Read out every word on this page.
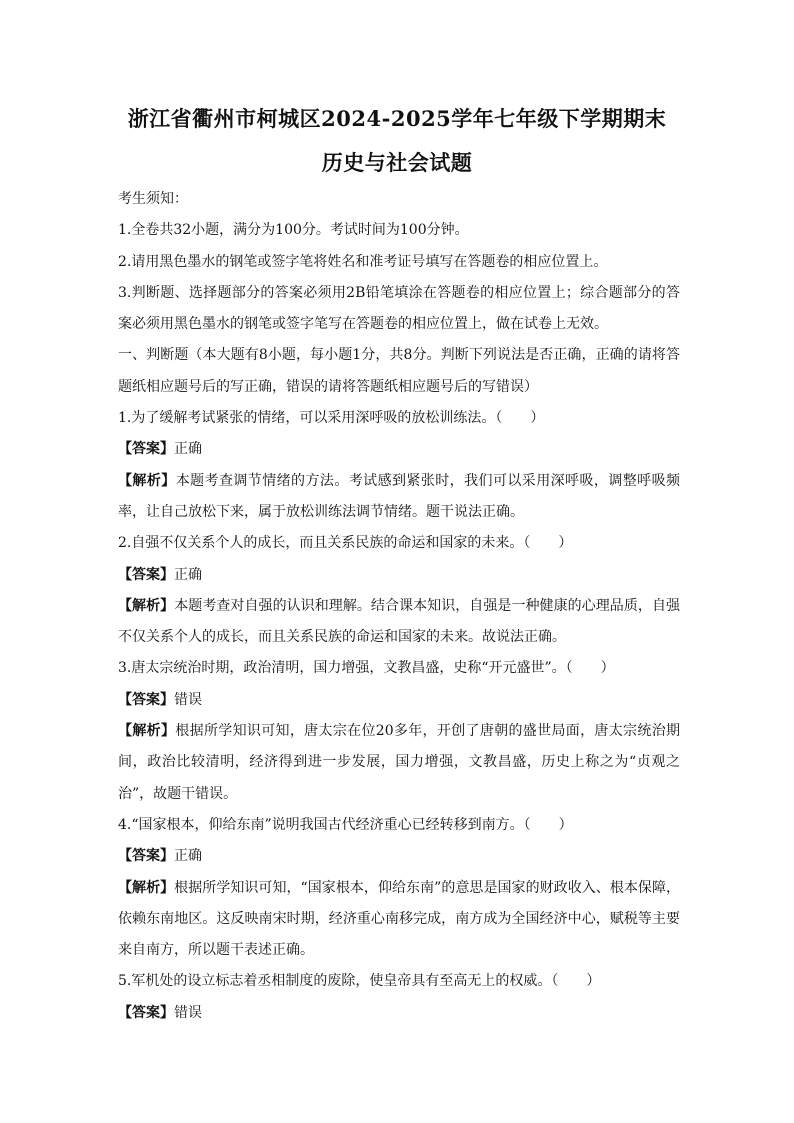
浙江省衢州市柯城区2024-2025学年七年级下学期期末
历史与社会试题

考生须知：

1.全卷共32小题，满分为100分。考试时间为100分钟。

2.请用黑色墨水的钢笔或签字笔将姓名和准考证号填写在答题卷的相应位置上。

3.判断题、选择题部分的答案必须用2B铅笔填涂在答题卷的相应位置上；综合题部分的答案必须用黑色墨水的钢笔或签字笔写在答题卷的相应位置上，做在试卷上无效。

一、判断题（本大题有8小题，每小题1分，共8分。判断下列说法是否正确，正确的请将答题纸相应题号后的写正确，错误的请将答题纸相应题号后的写错误）

1.为了缓解考试紧张的情绪，可以采用深呼吸的放松训练法。（　　）

【答案】正确

【解析】本题考查调节情绪的方法。考试感到紧张时，我们可以采用深呼吸，调整呼吸频率，让自己放松下来，属于放松训练法调节情绪。题干说法正确。

2.自强不仅关系个人的成长，而且关系民族的命运和国家的未来。（　　）

【答案】正确

【解析】本题考查对自强的认识和理解。结合课本知识，自强是一种健康的心理品质，自强不仅关系个人的成长，而且关系民族的命运和国家的未来。故说法正确。

3.唐太宗统治时期，政治清明，国力增强，文教昌盛，史称“开元盛世”。（　　）

【答案】错误

【解析】根据所学知识可知，唐太宗在位20多年，开创了唐朝的盛世局面，唐太宗统治期间，政治比较清明，经济得到进一步发展，国力增强，文教昌盛，历史上称之为“贞观之治”，故题干错误。

4.“国家根本，仰给东南”说明我国古代经济重心已经转移到南方。（　　）

【答案】正确

【解析】根据所学知识可知，“国家根本，仰给东南”的意思是国家的财政收入、根本保障，依赖东南地区。这反映南宋时期，经济重心南移完成，南方成为全国经济中心，赋税等主要来自南方，所以题干表述正确。

5.军机处的设立标志着丞相制度的废除，使皇帝具有至高无上的权威。（　　）

【答案】错误
